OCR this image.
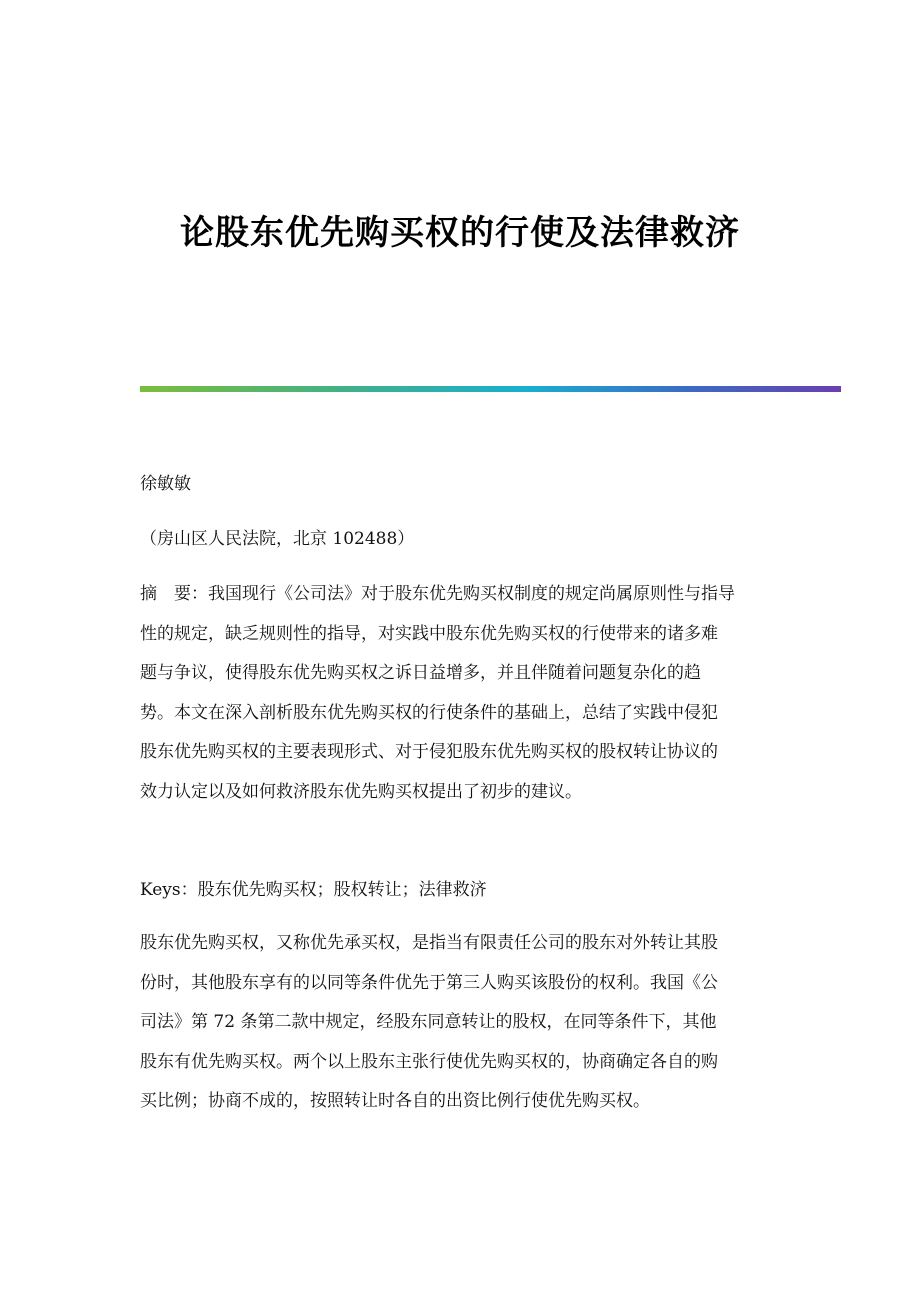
论股东优先购买权的行使及法律救济

徐敏敏

（房山区人民法院，北京 102488）

摘　要：我国现行《公司法》对于股东优先购买权制度的规定尚属原则性与指导
性的规定，缺乏规则性的指导，对实践中股东优先购买权的行使带来的诸多难
题与争议，使得股东优先购买权之诉日益增多，并且伴随着问题复杂化的趋
势。本文在深入剖析股东优先购买权的行使条件的基础上，总结了实践中侵犯
股东优先购买权的主要表现形式、对于侵犯股东优先购买权的股权转让协议的
效力认定以及如何救济股东优先购买权提出了初步的建议。

Keys：股东优先购买权；股权转让；法律救济

股东优先购买权，又称优先承买权，是指当有限责任公司的股东对外转让其股
份时，其他股东享有的以同等条件优先于第三人购买该股份的权利。我国《公
司法》第 72 条第二款中规定，经股东同意转让的股权，在同等条件下，其他
股东有优先购买权。两个以上股东主张行使优先购买权的，协商确定各自的购
买比例；协商不成的，按照转让时各自的出资比例行使优先购买权。
